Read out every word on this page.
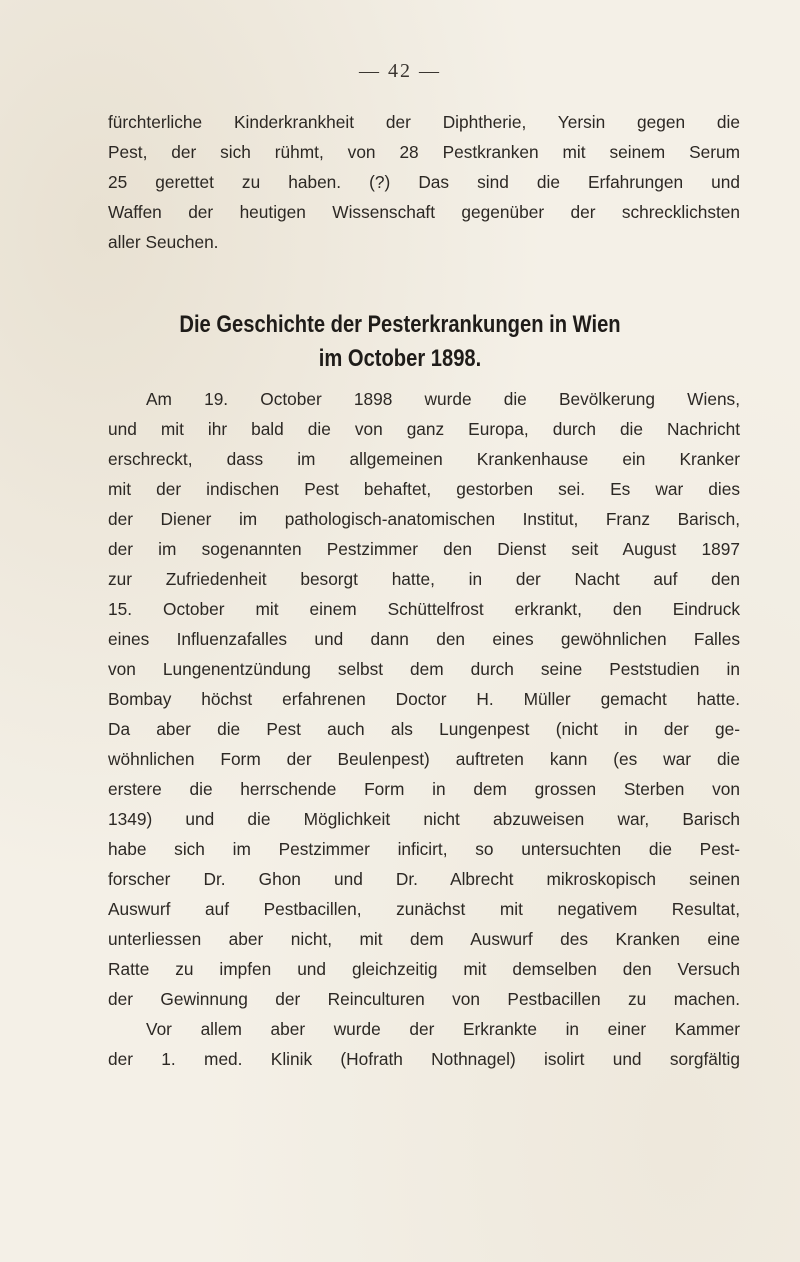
— 42 —
fürchterliche Kinderkrankheit der Diphtherie, Yersin gegen die
Pest, der sich rühmt, von 28 Pestkranken mit seinem Serum
25 gerettet zu haben. (?) Das sind die Erfahrungen und
Waffen der heutigen Wissenschaft gegenüber der schrecklichsten
aller Seuchen.
Die Geschichte der Pesterkrankungen in Wien
im October 1898.
Am 19. October 1898 wurde die Bevölkerung Wiens,
und mit ihr bald die von ganz Europa, durch die Nachricht
erschreckt, dass im allgemeinen Krankenhause ein Kranker
mit der indischen Pest behaftet, gestorben sei. Es war dies
der Diener im pathologisch-anatomischen Institut, Franz Barisch,
der im sogenannten Pestzimmer den Dienst seit August 1897
zur Zufriedenheit besorgt hatte, in der Nacht auf den
15. October mit einem Schüttelfrost erkrankt, den Eindruck
eines Influenzafalles und dann den eines gewöhnlichen Falles
von Lungenentzündung selbst dem durch seine Peststudien in
Bombay höchst erfahrenen Doctor H. Müller gemacht hatte.
Da aber die Pest auch als Lungenpest (nicht in der ge-
wöhnlichen Form der Beulenpest) auftreten kann (es war die
erstere die herrschende Form in dem grossen Sterben von
1349) und die Möglichkeit nicht abzuweisen war, Barisch
habe sich im Pestzimmer inficirt, so untersuchten die Pest-
forscher Dr. Ghon und Dr. Albrecht mikroskopisch seinen
Auswurf auf Pestbacillen, zunächst mit negativem Resultat,
unterliessen aber nicht, mit dem Auswurf des Kranken eine
Ratte zu impfen und gleichzeitig mit demselben den Versuch
der Gewinnung der Reinculturen von Pestbacillen zu machen.
Vor allem aber wurde der Erkrankte in einer Kammer
der 1. med. Klinik (Hofrath Nothnagel) isolirt und sorgfältig
